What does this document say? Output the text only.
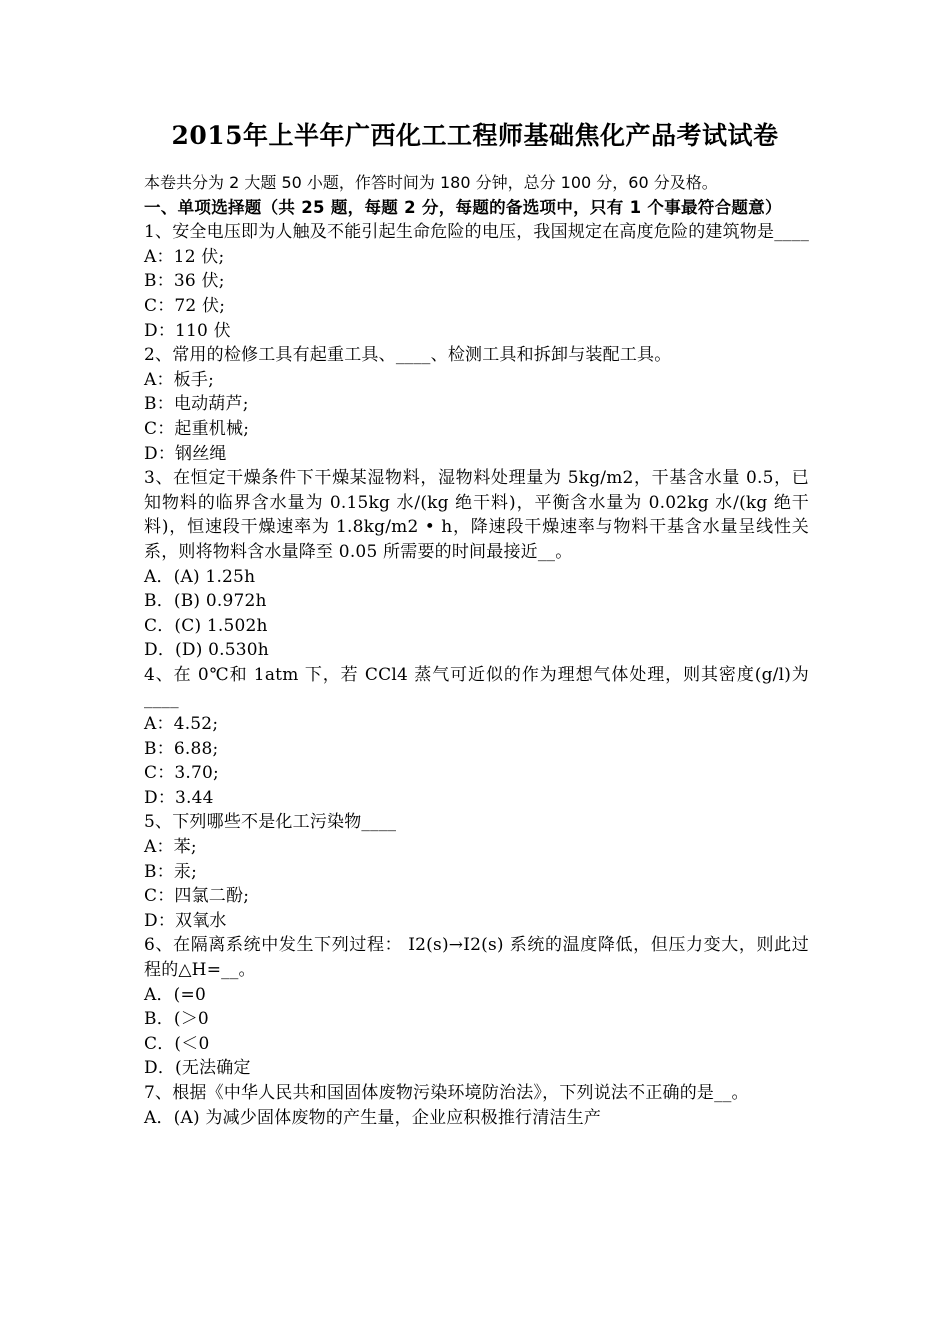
2015年上半年广西化工工程师基础焦化产品考试试卷
本卷共分为 2 大题 50 小题，作答时间为 180 分钟，总分 100 分，60 分及格。
一、单项选择题（共 25 题，每题 2 分，每题的备选项中，只有 1 个事最符合题意）
1、安全电压即为人触及不能引起生命危险的电压，我国规定在高度危险的建筑物是____
A：12 伏;
B：36 伏;
C：72 伏;
D：110 伏
2、常用的检修工具有起重工具、____、检测工具和拆卸与装配工具。
A：板手;
B：电动葫芦;
C：起重机械;
D：钢丝绳
3、在恒定干燥条件下干燥某湿物料，湿物料处理量为 5kg/m2，干基含水量 0.5，已知物料的临界含水量为 0.15kg 水/(kg 绝干料)，平衡含水量为 0.02kg 水/(kg 绝干料)，恒速段干燥速率为 1.8kg/m2 • h，降速段干燥速率与物料干基含水量呈线性关系，则将物料含水量降至 0.05 所需要的时间最接近__。
A．(A) 1.25h
B．(B) 0.972h
C．(C) 1.502h
D．(D) 0.530h
4、在 0℃和 1atm 下，若 CCl4 蒸气可近似的作为理想气体处理，则其密度(g/l)为____
A：4.52;
B：6.88;
C：3.70;
D：3.44
5、下列哪些不是化工污染物____
A：苯;
B：汞;
C：四氯二酚;
D：双氧水
6、在隔离系统中发生下列过程： I2(s)→I2(s) 系统的温度降低，但压力变大，则此过程的△H=__。
A．(=0
B．(＞0
C．(＜0
D．(无法确定
7、根据《中华人民共和国固体废物污染环境防治法》，下列说法不正确的是__。
A．(A) 为减少固体废物的产生量，企业应积极推行清洁生产
